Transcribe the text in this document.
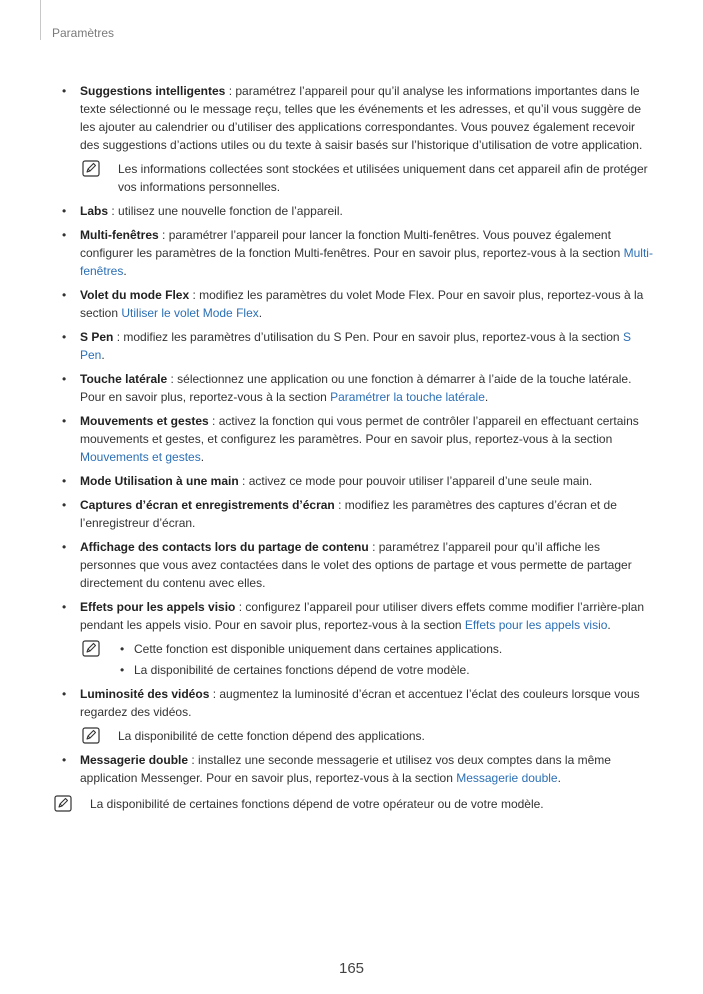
Paramètres
• Suggestions intelligentes : paramétrez l’appareil pour qu’il analyse les informations importantes dans le texte sélectionné ou le message reçu, telles que les événements et les adresses, et qu’il vous suggère de les ajouter au calendrier ou d’utiliser des applications correspondantes. Vous pouvez également recevoir des suggestions d’actions utiles ou du texte à saisir basés sur l’historique d’utilisation de votre application.
Les informations collectées sont stockées et utilisées uniquement dans cet appareil afin de protéger vos informations personnelles.
• Labs : utilisez une nouvelle fonction de l’appareil.
• Multi-fenêtres : paramétrer l’appareil pour lancer la fonction Multi-fenêtres. Vous pouvez également configurer les paramètres de la fonction Multi-fenêtres. Pour en savoir plus, reportez-vous à la section Multi-fenêtres.
• Volet du mode Flex : modifiez les paramètres du volet Mode Flex. Pour en savoir plus, reportez-vous à la section Utiliser le volet Mode Flex.
• S Pen : modifiez les paramètres d’utilisation du S Pen. Pour en savoir plus, reportez-vous à la section S Pen.
• Touche latérale : sélectionnez une application ou une fonction à démarrer à l’aide de la touche latérale. Pour en savoir plus, reportez-vous à la section Paramétrer la touche latérale.
• Mouvements et gestes : activez la fonction qui vous permet de contrôler l’appareil en effectuant certains mouvements et gestes, et configurez les paramètres. Pour en savoir plus, reportez-vous à la section Mouvements et gestes.
• Mode Utilisation à une main : activez ce mode pour pouvoir utiliser l’appareil d’une seule main.
• Captures d’écran et enregistrements d’écran : modifiez les paramètres des captures d’écran et de l’enregistreur d’écran.
• Affichage des contacts lors du partage de contenu : paramétrez l’appareil pour qu’il affiche les personnes que vous avez contactées dans le volet des options de partage et vous permette de partager directement du contenu avec elles.
• Effets pour les appels visio : configurez l’appareil pour utiliser divers effets comme modifier l’arrière-plan pendant les appels visio. Pour en savoir plus, reportez-vous à la section Effets pour les appels visio.
• Cette fonction est disponible uniquement dans certaines applications.
• La disponibilité de certaines fonctions dépend de votre modèle.
• Luminosité des vidéos : augmentez la luminosité d’écran et accentuez l’éclat des couleurs lorsque vous regardez des vidéos.
La disponibilité de cette fonction dépend des applications.
• Messagerie double : installez une seconde messagerie et utilisez vos deux comptes dans la même application Messenger. Pour en savoir plus, reportez-vous à la section Messagerie double.
La disponibilité de certaines fonctions dépend de votre opérateur ou de votre modèle.
165
